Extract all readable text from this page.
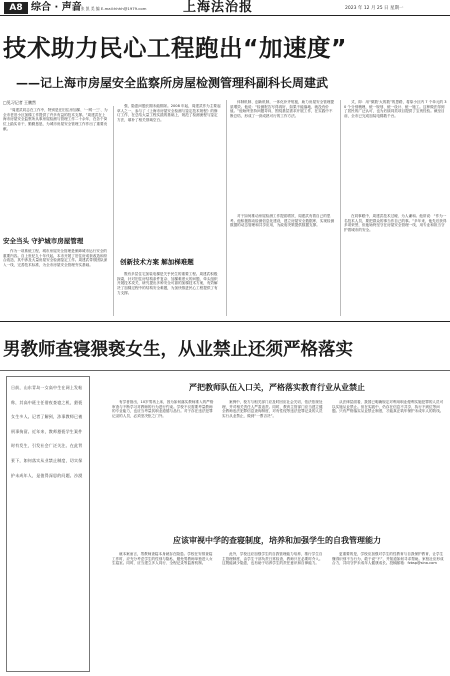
A8 综合 · 声音
编辑 张 凯 美 编 E-mail:hhhh@1979.com	上海法治报	2023 年 12 月 25 日 星期一
技术助力民心工程跑出“加速度”
——记上海市房屋安全监察所房屋检测管理科副科长周建武
□见习记者 王鹏然

“周建武同志在工作中，特别是在旧住房加梯、‘一网一三’、为全市老旧小区加梯工作提供了许多有益的技术支撑。”周建武在上海市房屋安全监察所从事房屋检测与管理工作二十余年，在各个岗位上踏实肯干，勤勤恳恳，为城市房屋安全管理工作作出了重要贡献。

安全当头 守护城市房屋管理

作为一项系统工程，城市房屋安全管理是保障城市运行安全的重要内容。自上世纪九十年代起，本市开展了旧住房成套改造和综合改造，其中涉及大量房屋安全检测鉴定工作。周建武带领团队深入一线，完善技术标准，为全市房屋安全管理夯实基础。

强，隐患问题长期未能排除。2008 年起，周建武作为主要起草人之一，参与了《上海市房屋安全检测与鉴定技术规程》的修订工作，在总结大量工程实践的基础上，规范了检测流程与鉴定方法，填补了相关领域空白。

创新技术方案 解加梯难题

既有多层住宅加装电梯是关乎民生的重要工程。周建武积极探索，针对旧住房结构条件复杂、加梯难度大的问题，牵头组织开展技术攻关，研究提出多种安全可靠的加梯技术方案，有效解决了加梯过程中的结构安全难题，为加快推进民心工程提供了有力支撑。

体制机制、创新机制，一体化补齐短板，助力房屋安全管理提质增效。他说：“检测报告写得再好，如果不能落地，就没有价值。”他始终坚持问题导向，围绕基层需求开展工作，在实践中不断总结，形成了一套成熟可行的工作方法。

对于如何推动房屋检测工作提质增效，周建武有着自己的思考。他积极推动检测信息化建设，建立房屋安全数据库，实现检测数据的动态管理和共享应用，为政府决策提供数据支撑。

式，即：用“微数‘大的数”的思路，将原小区内 7 个单元的 30 个分别梳理，统一规划、统一设计、统一施工。这种做法得到了居民的广泛认可，也为后续同类项目提供了宝贵经验。截至目前，全市已完成加装电梯数千台。

在同事眼中，周建武技术过硬、为人谦和。他常说：“作为一名技术人员，要把群众的事当作自己的事。”多年来，他先后获得多项荣誉，但他始终坚守在房屋安全管理一线，用专业和担当守护着城市的安全。

男教师查寝猥亵女生，从业禁止还须严格落实
日前，山东青岛一女高中生在网上发帖称，其高中班主任借夜查寝之机，猥亵女生多人。记者了解到，涉事教师已被刑事拘留。近年来，教师猥亵学生案件时有发生，引发社会广泛关注。在此背景下，如何落实从业禁止制度，切实保护未成年人，是值得深思的问题。沙漠
严把教师队伍入口关，严格落实教育行业从业禁止

有学者指出，10岁男孩上床，因为如何落实教师准入的严格审查与不断学习对教师的行为进行约束。学校不仅需要考量教师的专业能力，也应当考量其职业道德与品行。对于存在违法犯罪记录的人员，必须坚决拒之门外。

案例中，校方与相关部门应及时回应社会关切，依法依规处理，并对相关责任人严肃追责。同时，教育主管部门应当建立健全教师违法犯罪信息查询制度，对有性侵等违法犯罪记录的人员实行从业禁止，做到“一票否决”。

从法律层面看，我国已明确规定对利用职业便利实施犯罪的人员可以实施从业禁止。但在实践中，仍存在信息不共享、执行不到位等问题。只有严格落实从业禁止制度，才能真正筑牢保护未成年人的防线。

应该审视中学的查寝制度，培养和加强学生的自我管理能力

就本案而言，男教师查寝本身就存在隐患。学校在安排查寝工作时，应充分考虑学生的性别与隐私，避免男教师单独进入女生寝室。同时，应当建立多人同行、全程记录等监督机制。

此外，学校还应加强学生的自我管理能力培养，推行学生自主管理制度，由学生干部负责日常检查，教师只在必要时介入。这既能减少隐患，也有助于培养学生的责任意识和自律能力。

更重要的是，学校应加强对学生的性教育与自我保护教育，让学生懂得识别不当行为，敢于说“不”，并知道如何寻求帮助。家校社应形成合力，共同守护未成年人健康成长。投稿邮箱：fzbsp@sina.com
